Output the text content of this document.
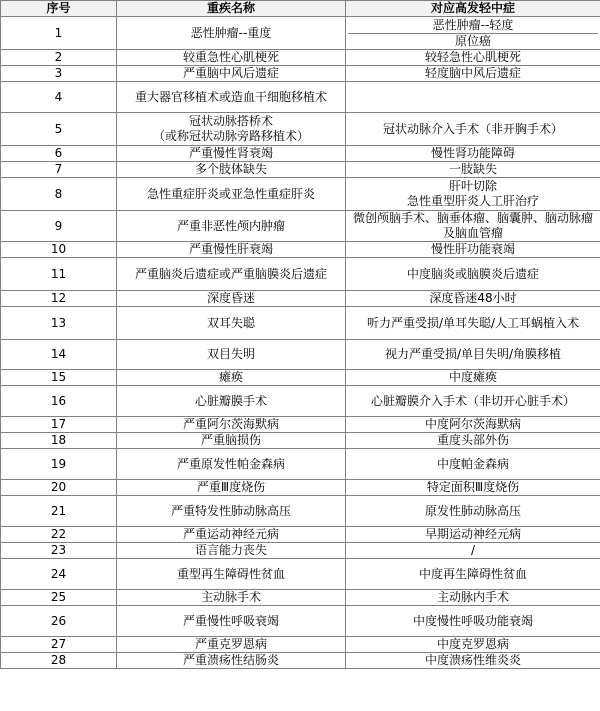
序号	重疾名称	对应高发轻中症
1	恶性肿瘤--重度	恶性肿瘤--轻度
原位癌

2	较重急性心肌梗死	较轻急性心肌梗死

3	严重脑中风后遗症	轻度脑中风后遗症

4	重大器官移植术或造血干细胞移植术	

5	冠状动脉搭桥术
（或称冠状动脉旁路移植术）	冠状动脉介入手术（非开胸手术）

6	严重慢性肾衰竭	慢性肾功能障碍

7	多个肢体缺失	一肢缺失

8	急性重症肝炎或亚急性重症肝炎	肝叶切除
急性重型肝炎人工肝治疗

9	严重非恶性颅内肿瘤	微创颅脑手术、脑垂体瘤、脑囊肿、脑动脉瘤
及脑血管瘤

10	严重慢性肝衰竭	慢性肝功能衰竭

11	严重脑炎后遗症或严重脑膜炎后遗症	中度脑炎或脑膜炎后遗症

12	深度昏迷	深度昏迷48小时

13	双耳失聪	听力严重受损/单耳失聪/人工耳蜗植入术

14	双目失明	视力严重受损/单目失明/角膜移植

15	瘫痪	中度瘫痪

16	心脏瓣膜手术	心脏瓣膜介入手术（非切开心脏手术）

17	严重阿尔茨海默病	中度阿尔茨海默病

18	严重脑损伤	重度头部外伤

19	严重原发性帕金森病	中度帕金森病

20	严重Ⅲ度烧伤	特定面积Ⅲ度烧伤

21	严重特发性肺动脉高压	原发性肺动脉高压

22	严重运动神经元病	早期运动神经元病

23	语言能力丧失	/

24	重型再生障碍性贫血	中度再生障碍性贫血

25	主动脉手术	主动脉内手术

26	严重慢性呼吸衰竭	中度慢性呼吸功能衰竭

27	严重克罗恩病	中度克罗恩病

28	严重溃疡性结肠炎	中度溃疡性维炎炎
